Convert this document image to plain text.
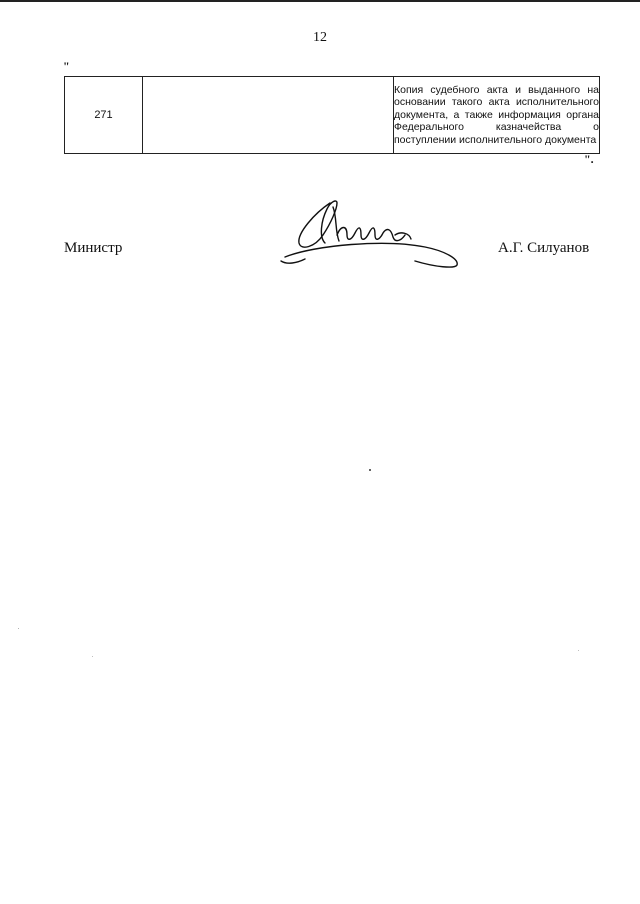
12
"
271		Копия судебного акта и выданного на основании такого акта исполнительного документа, а также информация органа Федерального казначейства о поступлении исполнительного документа
".
Министр	А.Г. Силуанов
